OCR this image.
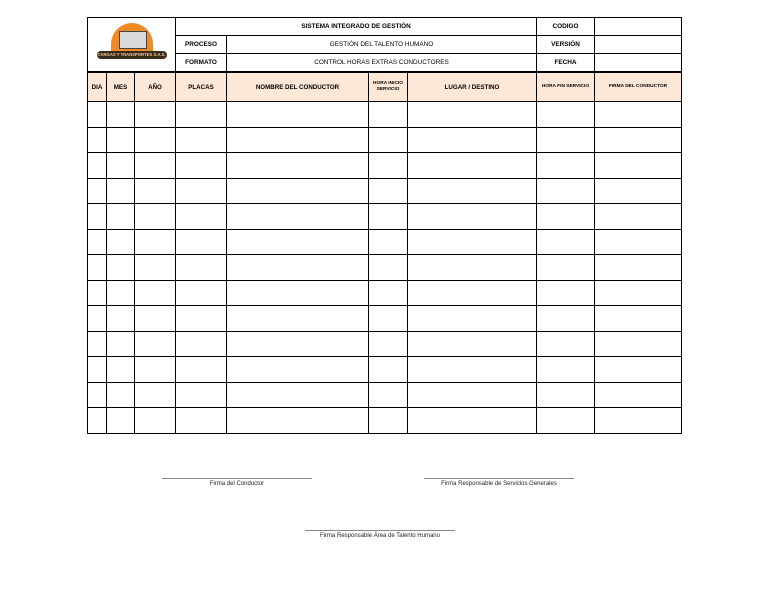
CARGAS Y TRANSPORTES S.A.S.	SISTEMA INTEGRADO DE GESTIÓN		CODIGO	
	PROCESO	GESTIÓN DEL TALENTO HUMANO	VERSIÓN	
	FORMATO	CONTROL HORAS EXTRAS CONDUCTORES	FECHA	
DIA	MES	AÑO	PLACAS	NOMBRE DEL CONDUCTOR	HORA INICIO SERVICIO	LUGAR / DESTINO	HORA FIN SERVICIO	FIRMA DEL CONDUCTOR

Firma del Conductor	Firma Responsable de Servicios Generales
Firma Responsable Área de Talento Humano
